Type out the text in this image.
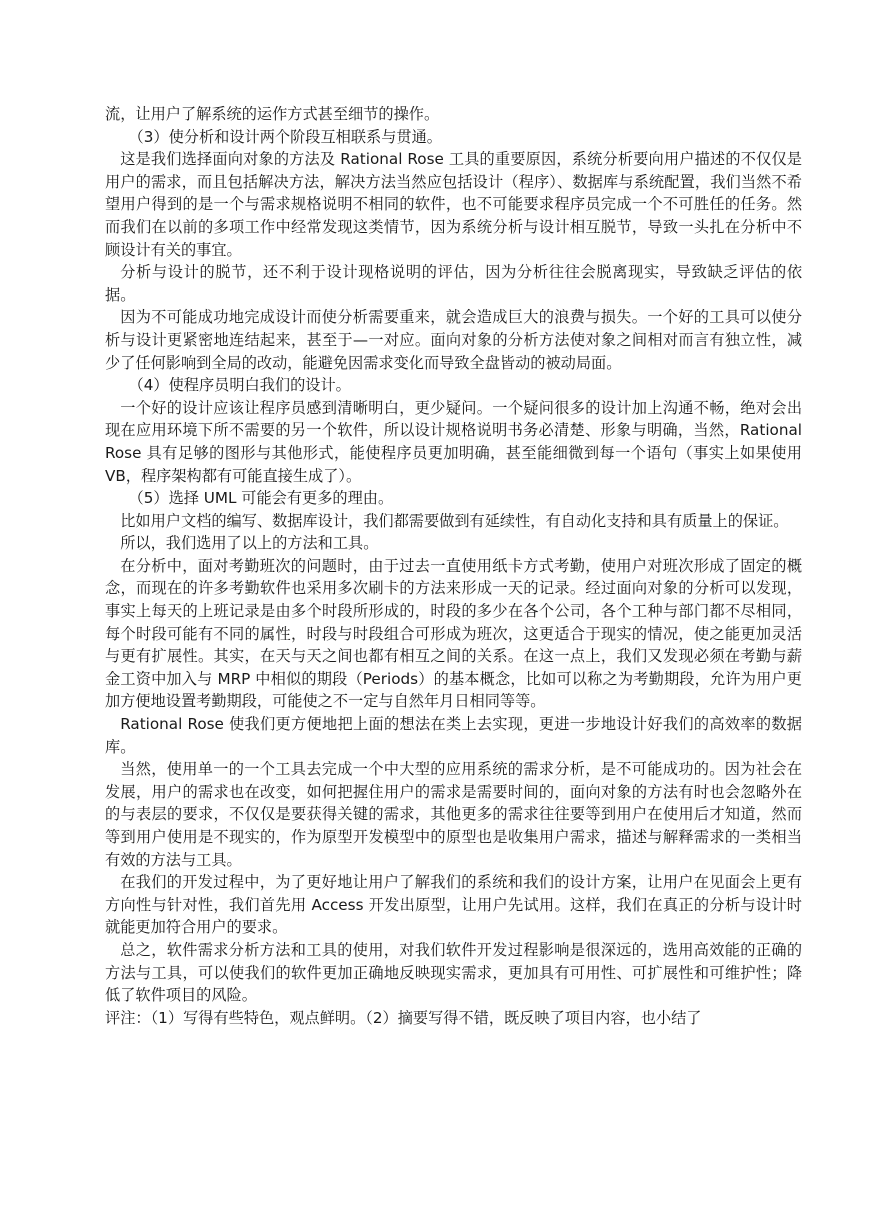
流，让用户了解系统的运作方式甚至细节的操作。

（3）使分析和设计两个阶段互相联系与贯通。

这是我们选择面向对象的方法及 Rational Rose 工具的重要原因，系统分析要向用户描述的不仅仅是用户的需求，而且包括解决方法，解决方法当然应包括设计（程序）、数据库与系统配置，我们当然不希望用户得到的是一个与需求规格说明不相同的软件，也不可能要求程序员完成一个不可胜任的任务。然而我们在以前的多项工作中经常发现这类情节，因为系统分析与设计相互脱节，导致一头扎在分析中不顾设计有关的事宜。

分析与设计的脱节，还不利于设计现格说明的评估，因为分析往往会脱离现实，导致缺乏评估的依据。

因为不可能成功地完成设计而使分析需要重来，就会造成巨大的浪费与损失。一个好的工具可以使分析与设计更紧密地连结起来，甚至于—一对应。面向对象的分析方法使对象之间相对而言有独立性，减少了任何影响到全局的改动，能避免因需求变化而导致全盘皆动的被动局面。

（4）使程序员明白我们的设计。

一个好的设计应该让程序员感到清晰明白，更少疑问。一个疑问很多的设计加上沟通不畅，绝对会出现在应用环境下所不需要的另一个软件，所以设计规格说明书务必清楚、形象与明确，当然，Rational Rose 具有足够的图形与其他形式，能使程序员更加明确，甚至能细微到每一个语句（事实上如果使用 VB，程序架构都有可能直接生成了）。

（5）选择 UML 可能会有更多的理由。

比如用户文档的编写、数据库设计，我们都需要做到有延续性，有自动化支持和具有质量上的保证。

所以，我们选用了以上的方法和工具。

在分析中，面对考勤班次的问题时，由于过去一直使用纸卡方式考勤，使用户对班次形成了固定的概念，而现在的许多考勤软件也采用多次刷卡的方法来形成一天的记录。经过面向对象的分析可以发现，事实上每天的上班记录是由多个时段所形成的，时段的多少在各个公司，各个工种与部门都不尽相同，每个时段可能有不同的属性，时段与时段组合可形成为班次，这更适合于现实的情况，使之能更加灵活与更有扩展性。其实，在天与天之间也都有相互之间的关系。在这一点上，我们又发现必须在考勤与薪金工资中加入与 MRP 中相似的期段（Periods）的基本概念，比如可以称之为考勤期段，允许为用户更加方便地设置考勤期段，可能使之不一定与自然年月日相同等等。

Rational Rose 使我们更方便地把上面的想法在类上去实现，更进一步地设计好我们的高效率的数据库。

当然，使用单一的一个工具去完成一个中大型的应用系统的需求分析，是不可能成功的。因为社会在发展，用户的需求也在改变，如何把握住用户的需求是需要时间的，面向对象的方法有时也会忽略外在的与表层的要求，不仅仅是要获得关键的需求，其他更多的需求往往要等到用户在使用后才知道，然而等到用户使用是不现实的，作为原型开发模型中的原型也是收集用户需求，描述与解释需求的一类相当有效的方法与工具。

在我们的开发过程中，为了更好地让用户了解我们的系统和我们的设计方案，让用户在见面会上更有方向性与针对性，我们首先用 Access 开发出原型，让用户先试用。这样，我们在真正的分析与设计时就能更加符合用户的要求。

总之，软件需求分析方法和工具的使用，对我们软件开发过程影响是很深远的，选用高效能的正确的方法与工具，可以使我们的软件更加正确地反映现实需求，更加具有可用性、可扩展性和可维护性；降低了软件项目的风险。

评注：（1）写得有些特色，观点鲜明。（2）摘要写得不错，既反映了项目内容，也小结了
